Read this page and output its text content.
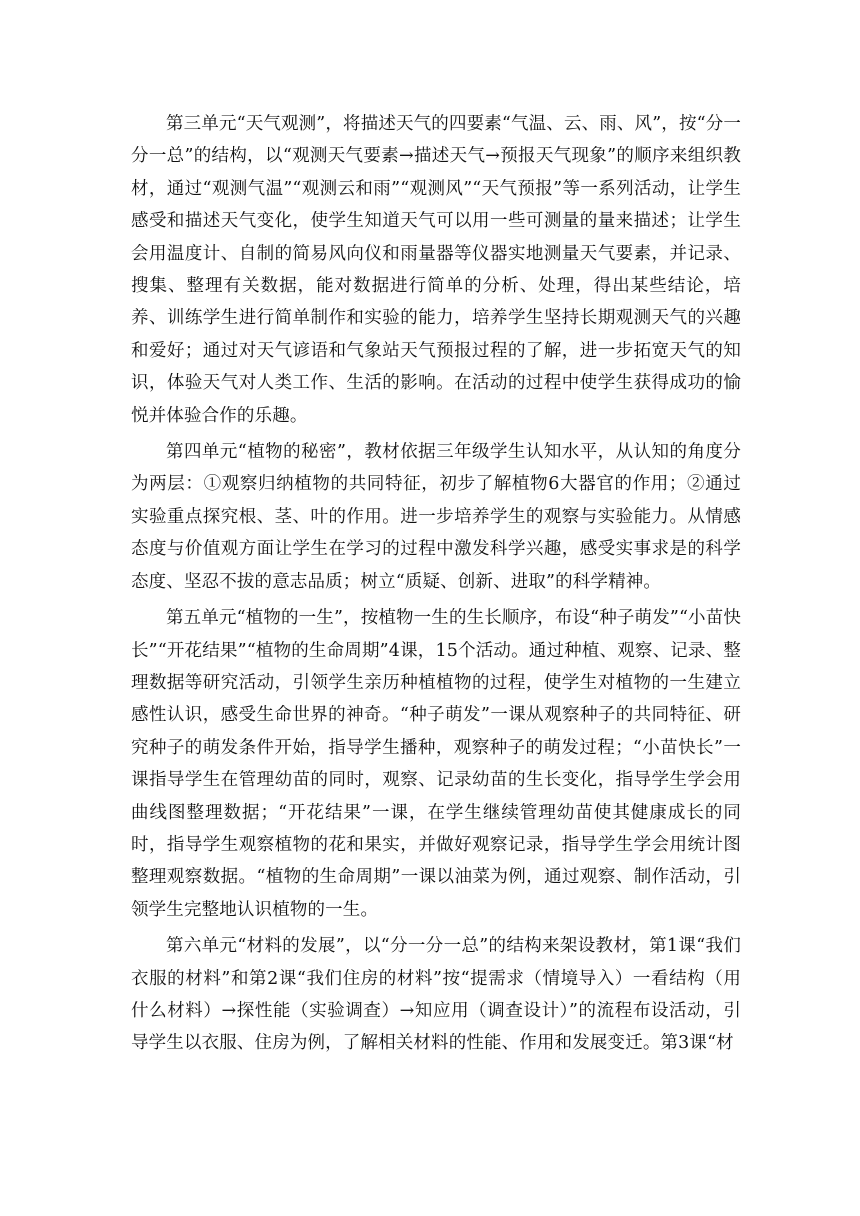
第三单元“天气观测”，将描述天气的四要素“气温、云、雨、风”，按“分一分一总”的结构，以“观测天气要素→描述天气→预报天气现象”的顺序来组织教材，通过“观测气温”“观测云和雨”“观测风”“天气预报”等一系列活动，让学生感受和描述天气变化，使学生知道天气可以用一些可测量的量来描述；让学生会用温度计、自制的简易风向仪和雨量器等仪器实地测量天气要素，并记录、搜集、整理有关数据，能对数据进行简单的分析、处理，得出某些结论，培养、训练学生进行简单制作和实验的能力，培养学生坚持长期观测天气的兴趣和爱好；通过对天气谚语和气象站天气预报过程的了解，进一步拓宽天气的知识，体验天气对人类工作、生活的影响。在活动的过程中使学生获得成功的愉悦并体验合作的乐趣。

第四单元“植物的秘密”，教材依据三年级学生认知水平，从认知的角度分为两层：①观察归纳植物的共同特征，初步了解植物6大器官的作用；②通过实验重点探究根、茎、叶的作用。进一步培养学生的观察与实验能力。从情感态度与价值观方面让学生在学习的过程中激发科学兴趣，感受实事求是的科学态度、坚忍不拔的意志品质；树立“质疑、创新、进取”的科学精神。

第五单元“植物的一生”，按植物一生的生长顺序，布设“种子萌发”“小苗快长”“开花结果”“植物的生命周期”4课，15个活动。通过种植、观察、记录、整理数据等研究活动，引领学生亲历种植植物的过程，使学生对植物的一生建立感性认识，感受生命世界的神奇。“种子萌发”一课从观察种子的共同特征、研究种子的萌发条件开始，指导学生播种，观察种子的萌发过程；“小苗快长”一课指导学生在管理幼苗的同时，观察、记录幼苗的生长变化，指导学生学会用曲线图整理数据；“开花结果”一课，在学生继续管理幼苗使其健康成长的同时，指导学生观察植物的花和果实，并做好观察记录，指导学生学会用统计图整理观察数据。“植物的生命周期”一课以油菜为例，通过观察、制作活动，引领学生完整地认识植物的一生。

第六单元“材料的发展”，以“分一分一总”的结构来架设教材，第1课“我们衣服的材料”和第2课“我们住房的材料”按“提需求（情境导入）一看结构（用什么材料）→探性能（实验调查）→知应用（调查设计）”的流程布设活动，引导学生以衣服、住房为例，了解相关材料的性能、作用和发展变迁。第3课“材
